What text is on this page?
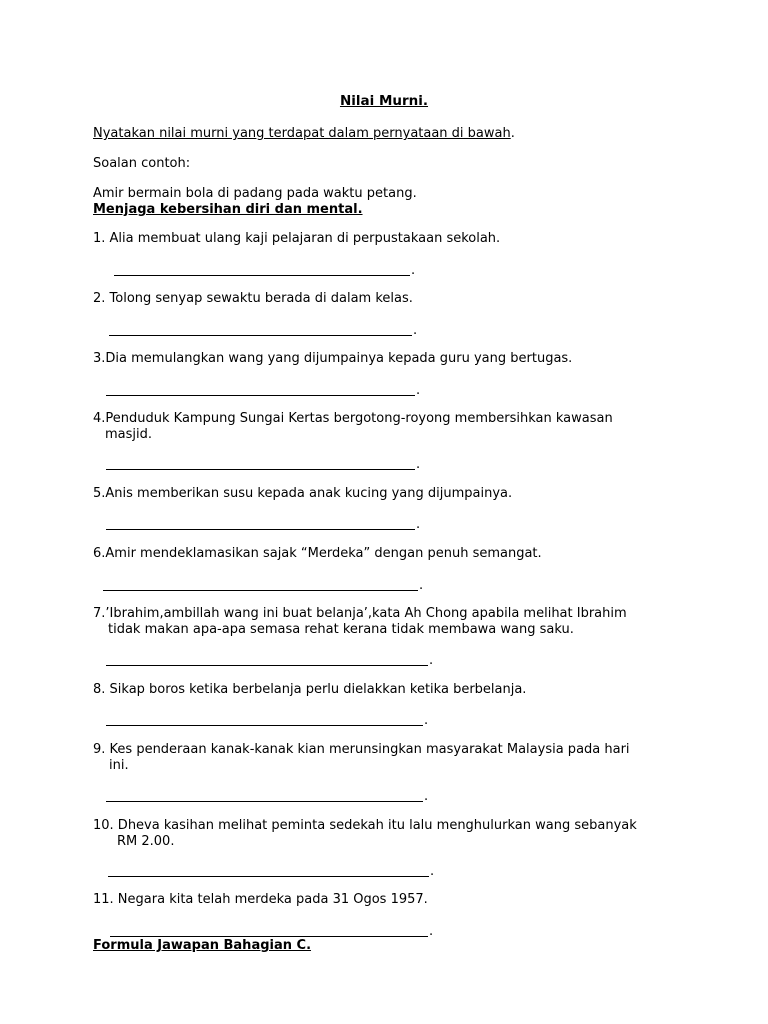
Nilai Murni.
Nyatakan nilai murni yang terdapat dalam pernyataan di bawah.
Soalan contoh:
Amir bermain bola di padang pada waktu petang.
Menjaga kebersihan diri dan mental.
1. Alia membuat ulang kaji pelajaran di perpustakaan sekolah.
.
2. Tolong senyap sewaktu berada di dalam kelas.
.
3.Dia memulangkan wang yang dijumpainya kepada guru yang bertugas.
.
4.Penduduk Kampung Sungai Kertas bergotong-royong membersihkan kawasan
masjid.
.
5.Anis memberikan susu kepada anak kucing yang dijumpainya.
.
6.Amir mendeklamasikan sajak “Merdeka” dengan penuh semangat.
.
7.’Ibrahim,ambillah wang ini buat belanja’,kata Ah Chong apabila melihat Ibrahim
tidak makan apa-apa semasa rehat kerana tidak membawa wang saku.
.
8. Sikap boros ketika berbelanja perlu dielakkan ketika berbelanja.
.
9. Kes penderaan kanak-kanak kian merunsingkan masyarakat Malaysia pada hari
ini.
.
10. Dheva kasihan melihat peminta sedekah itu lalu menghulurkan wang sebanyak
RM 2.00.
.
11. Negara kita telah merdeka pada 31 Ogos 1957.
.
Formula Jawapan Bahagian C.
